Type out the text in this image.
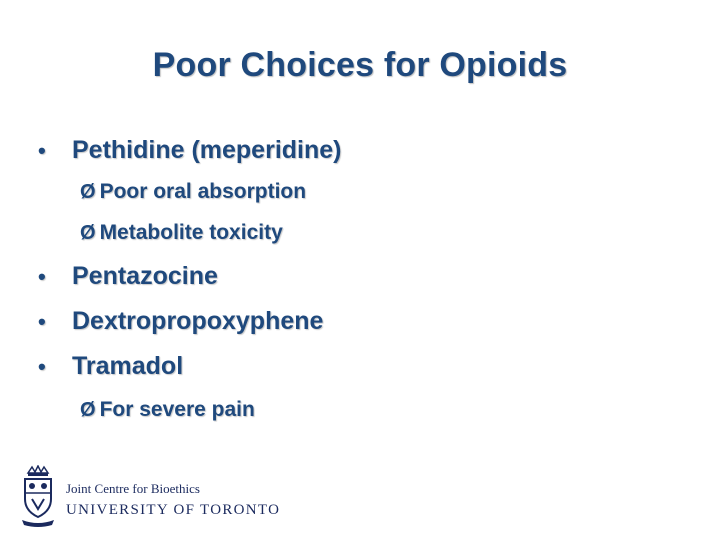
Poor Choices for Opioids
•	Pethidine (meperidine)
Ø Poor oral absorption
Ø Metabolite toxicity
•	Pentazocine
•	Dextropropoxyphene
•	Tramadol
Ø For severe pain
Joint Centre for Bioethics
UNIVERSITY OF TORONTO
